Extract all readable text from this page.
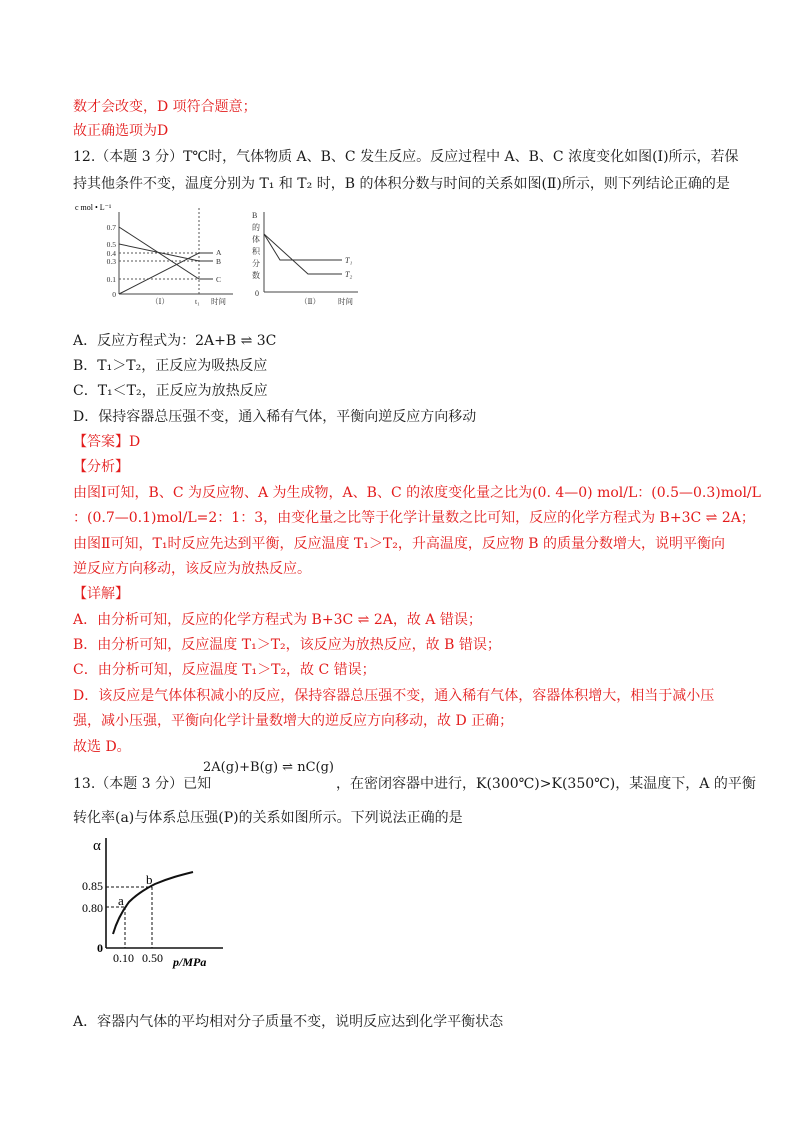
数才会改变，D 项符合题意；
故正确选项为D
12.（本题 3 分）T℃时，气体物质 A、B、C 发生反应。反应过程中 A、B、C 浓度变化如图(Ⅰ)所示，若保
持其他条件不变，温度分别为 T₁ 和 T₂ 时，B 的体积分数与时间的关系如图(Ⅱ)所示，则下列结论正确的是
c mol • L⁻¹
0.7
0.5
0.4
0.3
0.1
0
A
B
C
t₁ 时间
（Ⅰ）
B
的
体
积
分
数
0
T₁
T₂
（Ⅱ） 时间
A．反应方程式为：2A+B ⇌ 3C
B．T₁＞T₂，正反应为吸热反应
C．T₁＜T₂，正反应为放热反应
D．保持容器总压强不变，通入稀有气体，平衡向逆反应方向移动
【答案】D
【分析】
由图Ⅰ可知，B、C 为反应物、A 为生成物，A、B、C 的浓度变化量之比为(0. 4—0) mol/L：(0.5—0.3)mol/L
：(0.7—0.1)mol/L=2：1：3，由变化量之比等于化学计量数之比可知，反应的化学方程式为 B+3C ⇌ 2A；
由图Ⅱ可知，T₁时反应先达到平衡，反应温度 T₁＞T₂，升高温度，反应物 B 的质量分数增大，说明平衡向
逆反应方向移动，该反应为放热反应。
【详解】
A．由分析可知，反应的化学方程式为 B+3C ⇌ 2A，故 A 错误；
B．由分析可知，反应温度 T₁＞T₂，该反应为放热反应，故 B 错误；
C．由分析可知，反应温度 T₁＞T₂，故 C 错误；
D．该反应是气体体积减小的反应，保持容器总压强不变，通入稀有气体，容器体积增大，相当于减小压
强，减小压强，平衡向化学计量数增大的逆反应方向移动，故 D 正确；
故选 D。
13.（本题 3 分）已知
2A(g)+B(g) ⇌ nC(g)
，在密闭容器中进行，K(300℃)>K(350℃)，某温度下，A 的平衡
转化率(a)与体系总压强(P)的关系如图所示。下列说法正确的是
α
0.85
0.80
0
a
b
0.10 0.50 p/MPa
A．容器内气体的平均相对分子质量不变，说明反应达到化学平衡状态
